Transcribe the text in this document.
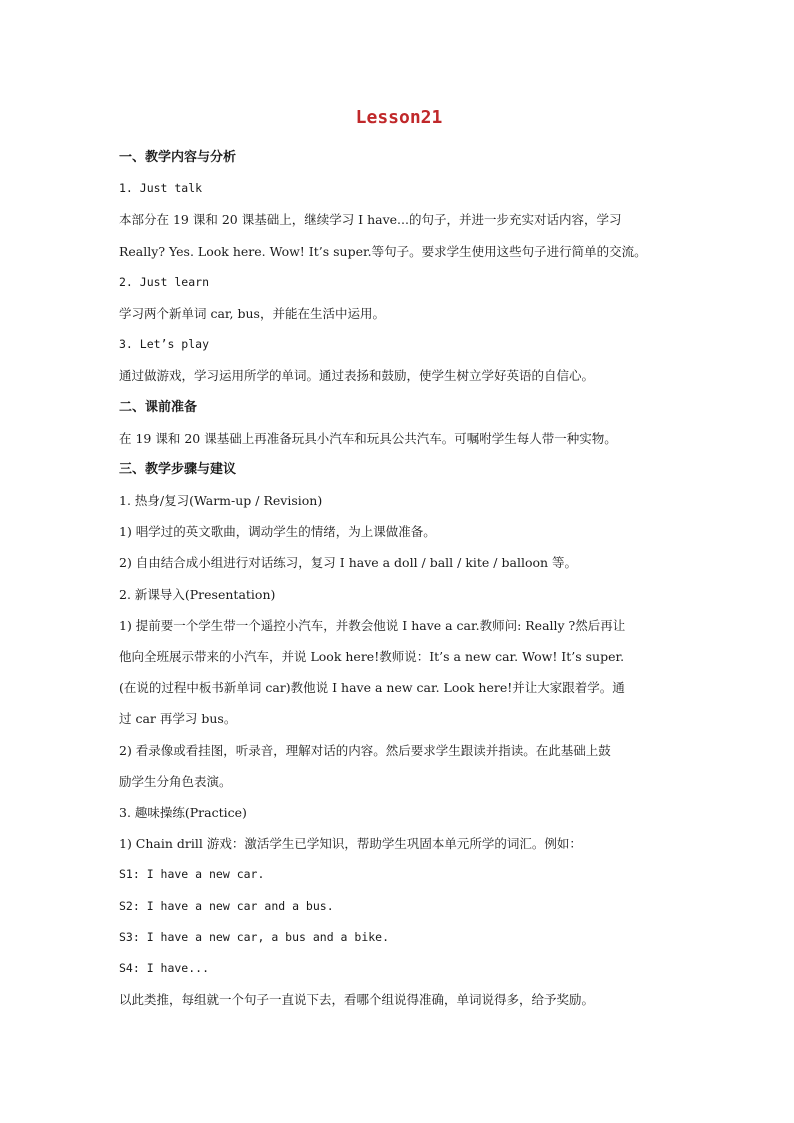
Lesson21
一、教学内容与分析
1. Just talk
本部分在 19 课和 20 课基础上，继续学习 I have...的句子，并进一步充实对话内容，学习
Really? Yes. Look here. Wow! It’s super.等句子。要求学生使用这些句子进行简单的交流。
2. Just learn
学习两个新单词 car, bus，并能在生活中运用。
3. Let’s play
通过做游戏，学习运用所学的单词。通过表扬和鼓励，使学生树立学好英语的自信心。
二、课前准备
在 19 课和 20 课基础上再准备玩具小汽车和玩具公共汽车。可嘱咐学生每人带一种实物。
三、教学步骤与建议
1. 热身/复习(Warm-up / Revision)
1) 唱学过的英文歌曲，调动学生的情绪，为上课做准备。
2) 自由结合成小组进行对话练习，复习 I have a doll / ball / kite / balloon 等。
2. 新课导入(Presentation)
1) 提前要一个学生带一个遥控小汽车，并教会他说 I have a car.教师问: Really ?然后再让
他向全班展示带来的小汽车，并说 Look here!教师说：It’s a new car. Wow! It’s super.
(在说的过程中板书新单词 car)教他说 I have a new car. Look here!并让大家跟着学。通
过 car 再学习 bus。
2) 看录像或看挂图，听录音，理解对话的内容。然后要求学生跟读并指读。在此基础上鼓
励学生分角色表演。
3. 趣味操练(Practice)
1) Chain drill 游戏：激活学生已学知识，帮助学生巩固本单元所学的词汇。例如：
S1: I have a new car.
S2: I have a new car and a bus.
S3: I have a new car, a bus and a bike.
S4: I have...
以此类推，每组就一个句子一直说下去，看哪个组说得准确，单词说得多，给予奖励。
